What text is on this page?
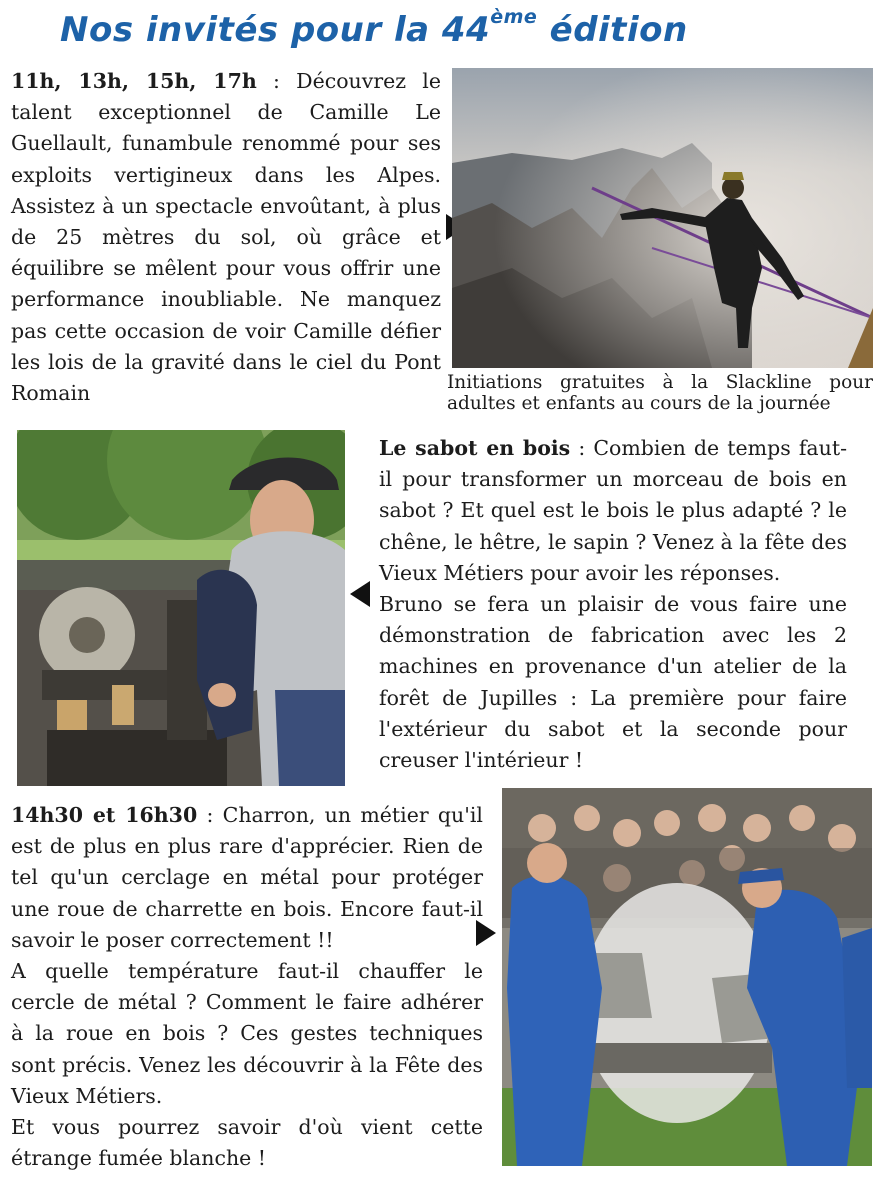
Nos invités pour la 44ème édition

11h, 13h, 15h, 17h : Découvrez le talent exceptionnel de Camille Le Guellault, funambule renommé pour ses exploits vertigineux dans les Alpes. Assistez à un spectacle envoûtant, à plus de 25 mètres du sol, où grâce et équilibre se mêlent pour vous offrir une performance inoubliable. Ne manquez pas cette occasion de voir Camille défier les lois de la gravité dans le ciel du Pont Romain	Initiations gratuites à la Slackline pour adultes et enfants au cours de la journée

Le sabot en bois : Combien de temps faut-il pour transformer un morceau de bois en sabot ? Et quel est le bois le plus adapté ? le chêne, le hêtre, le sapin ? Venez à la fête des Vieux Métiers pour avoir les réponses.

Bruno se fera un plaisir de vous faire une démonstration de fabrication avec les 2 machines en provenance d'un atelier de la forêt de Jupilles : La première pour faire l'extérieur du sabot et la seconde pour creuser l'intérieur !

14h30 et 16h30 : Charron, un métier qu'il est de plus en plus rare d'apprécier. Rien de tel qu'un cerclage en métal pour protéger une roue de charrette en bois. Encore faut-il savoir le poser correctement !!

A quelle température faut-il chauffer le cercle de métal ? Comment le faire adhérer à la roue en bois ? Ces gestes techniques sont précis. Venez les découvrir à la Fête des Vieux Métiers.

Et vous pourrez savoir d'où vient cette étrange fumée blanche !
